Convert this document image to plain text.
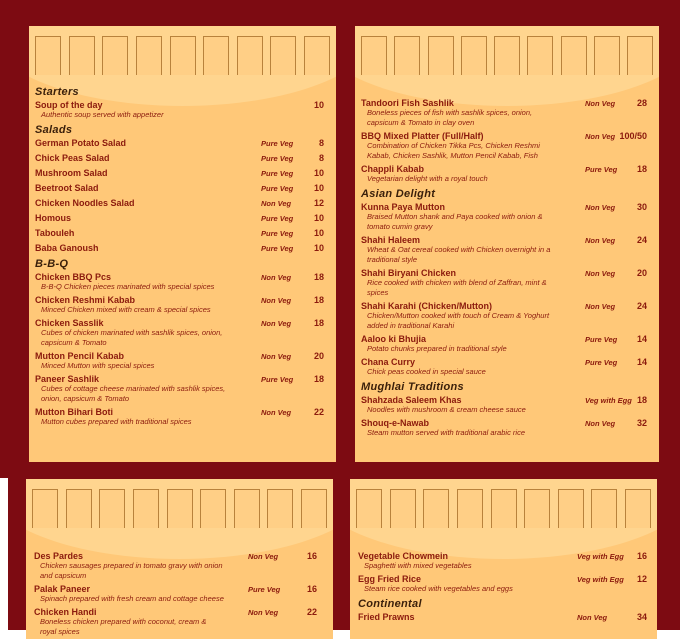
Starters
Soup of the day
Authentic soup served with appetizer
10
Salads
German Potato Salad	Pure Veg	8
Chick Peas Salad	Pure Veg	8
Mushroom Salad	Pure Veg 10
Beetroot Salad	Pure Veg 10
Chicken Noodles Salad	Non Veg	12
Homous	Pure Veg 10
Tabouleh	Pure Veg 10
Baba Ganoush	Pure Veg 10
B-B-Q
Chicken BBQ Pcs
B-B-Q Chicken pieces marinated with special spices
Non Veg	18
Chicken Reshmi Kabab
Minced Chicken mixed with cream & special spices
Non Veg	18
Chicken Sasslik
Cubes of chicken marinated with sashlik spices, onion, capsicum & Tomato
Non Veg	18
Mutton Pencil Kabab
Minced Mutton with special spices
Non Veg	20
Paneer Sashlik
Cubes of cottage cheese marinated with sashlik spices, onion, capsicum & Tomato
Pure Veg 18
Mutton Bihari Boti
Mutton cubes prepared with traditional spices
Non Veg	22
Tandoori Fish Sashlik
Boneless pieces of fish with sashlik spices, onion, capsicum & Tomato in clay oven
Non Veg 28
BBQ Mixed Platter (Full/Half)
Combination of Chicken Tikka Pcs, Chicken Reshmi Kabab, Chicken Sashlik, Mutton Pencil Kabab, Fish
Non Veg 100/50
Chappli Kabab
Vegetarian delight with a royal touch
Pure Veg 18
Asian Delight
Kunna Paya Mutton
Braised Mutton shank and Paya cooked with onion & tomato cumin gravy
Non Veg 30
Shahi Haleem
Wheat & Oat cereal cooked with Chicken overnight in a traditional style
Non Veg 24
Shahi Biryani Chicken
Rice cooked with chicken with blend of Zaffran, mint & spices
Non Veg 20
Shahi Karahi (Chicken/Mutton)
Chicken/Mutton cooked with touch of Cream & Yoghurt added in traditional Karahi
Non Veg 24
Aaloo ki Bhujia
Potato chunks prepared in traditional style
Pure Veg 14
Chana Curry
Chick peas cooked in special sauce
Pure Veg 14
Mughlai Traditions
Shahzada Saleem Khas
Noodles with mushroom & cream cheese sauce
Veg with Egg 18
Shouq-e-Nawab
Steam mutton served with traditional arabic rice
Non Veg 32
Des Pardes
Chicken sausages prepared in tomato gravy with onion and capsicum
Non Veg	16
Palak Paneer
Spinach prepared with fresh cream and cottage cheese
Pure Veg	16
Chicken Handi
Boneless chicken prepared with coconut, cream & royal spices
Non Veg	22
Vegetable Chowmein
Spaghetti with mixed vegetables
Veg with Egg 16
Egg Fried Rice
Steam rice cooked with vegetables and eggs
Veg with Egg 12
Continental
Fried Prawns	Non Veg	34
